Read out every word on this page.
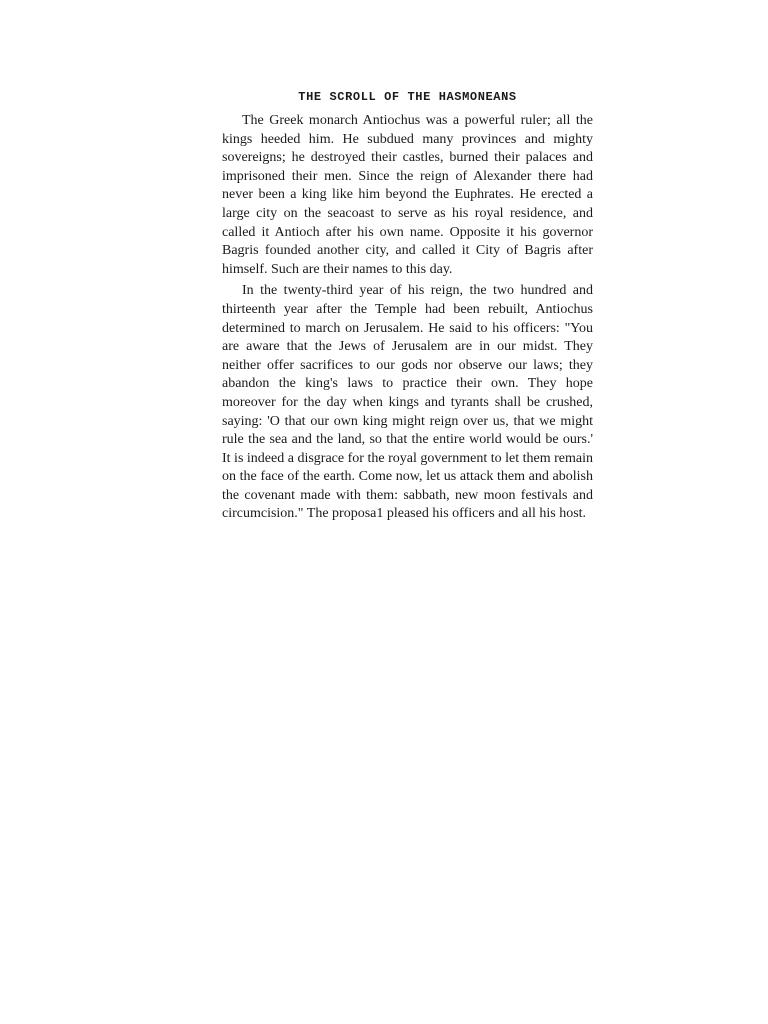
THE SCROLL OF THE HASMONEANS

The Greek monarch Antiochus was a powerful ruler; all the kings heeded him. He subdued many provinces and mighty sovereigns; he destroyed their castles, burned their palaces and imprisoned their men. Since the reign of Alexander there had never been a king like him beyond the Euphrates. He erected a large city on the seacoast to serve as his royal residence, and called it Antioch after his own name. Opposite it his governor Bagris founded another city, and called it City of Bagris after himself. Such are their names to this day.

In the twenty-third year of his reign, the two hundred and thirteenth year after the Temple had been rebuilt, Antiochus determined to march on Jerusalem. He said to his officers: "You are aware that the Jews of Jerusalem are in our midst. They neither offer sacrifices to our gods nor observe our laws; they abandon the king's laws to practice their own. They hope moreover for the day when kings and tyrants shall be crushed, saying: 'O that our own king might reign over us, that we might rule the sea and the land, so that the entire world would be ours.' It is indeed a disgrace for the royal government to let them remain on the face of the earth. Come now, let us attack them and abolish the covenant made with them: sabbath, new moon festivals and circumcision." The proposa1 pleased his officers and all his host.
